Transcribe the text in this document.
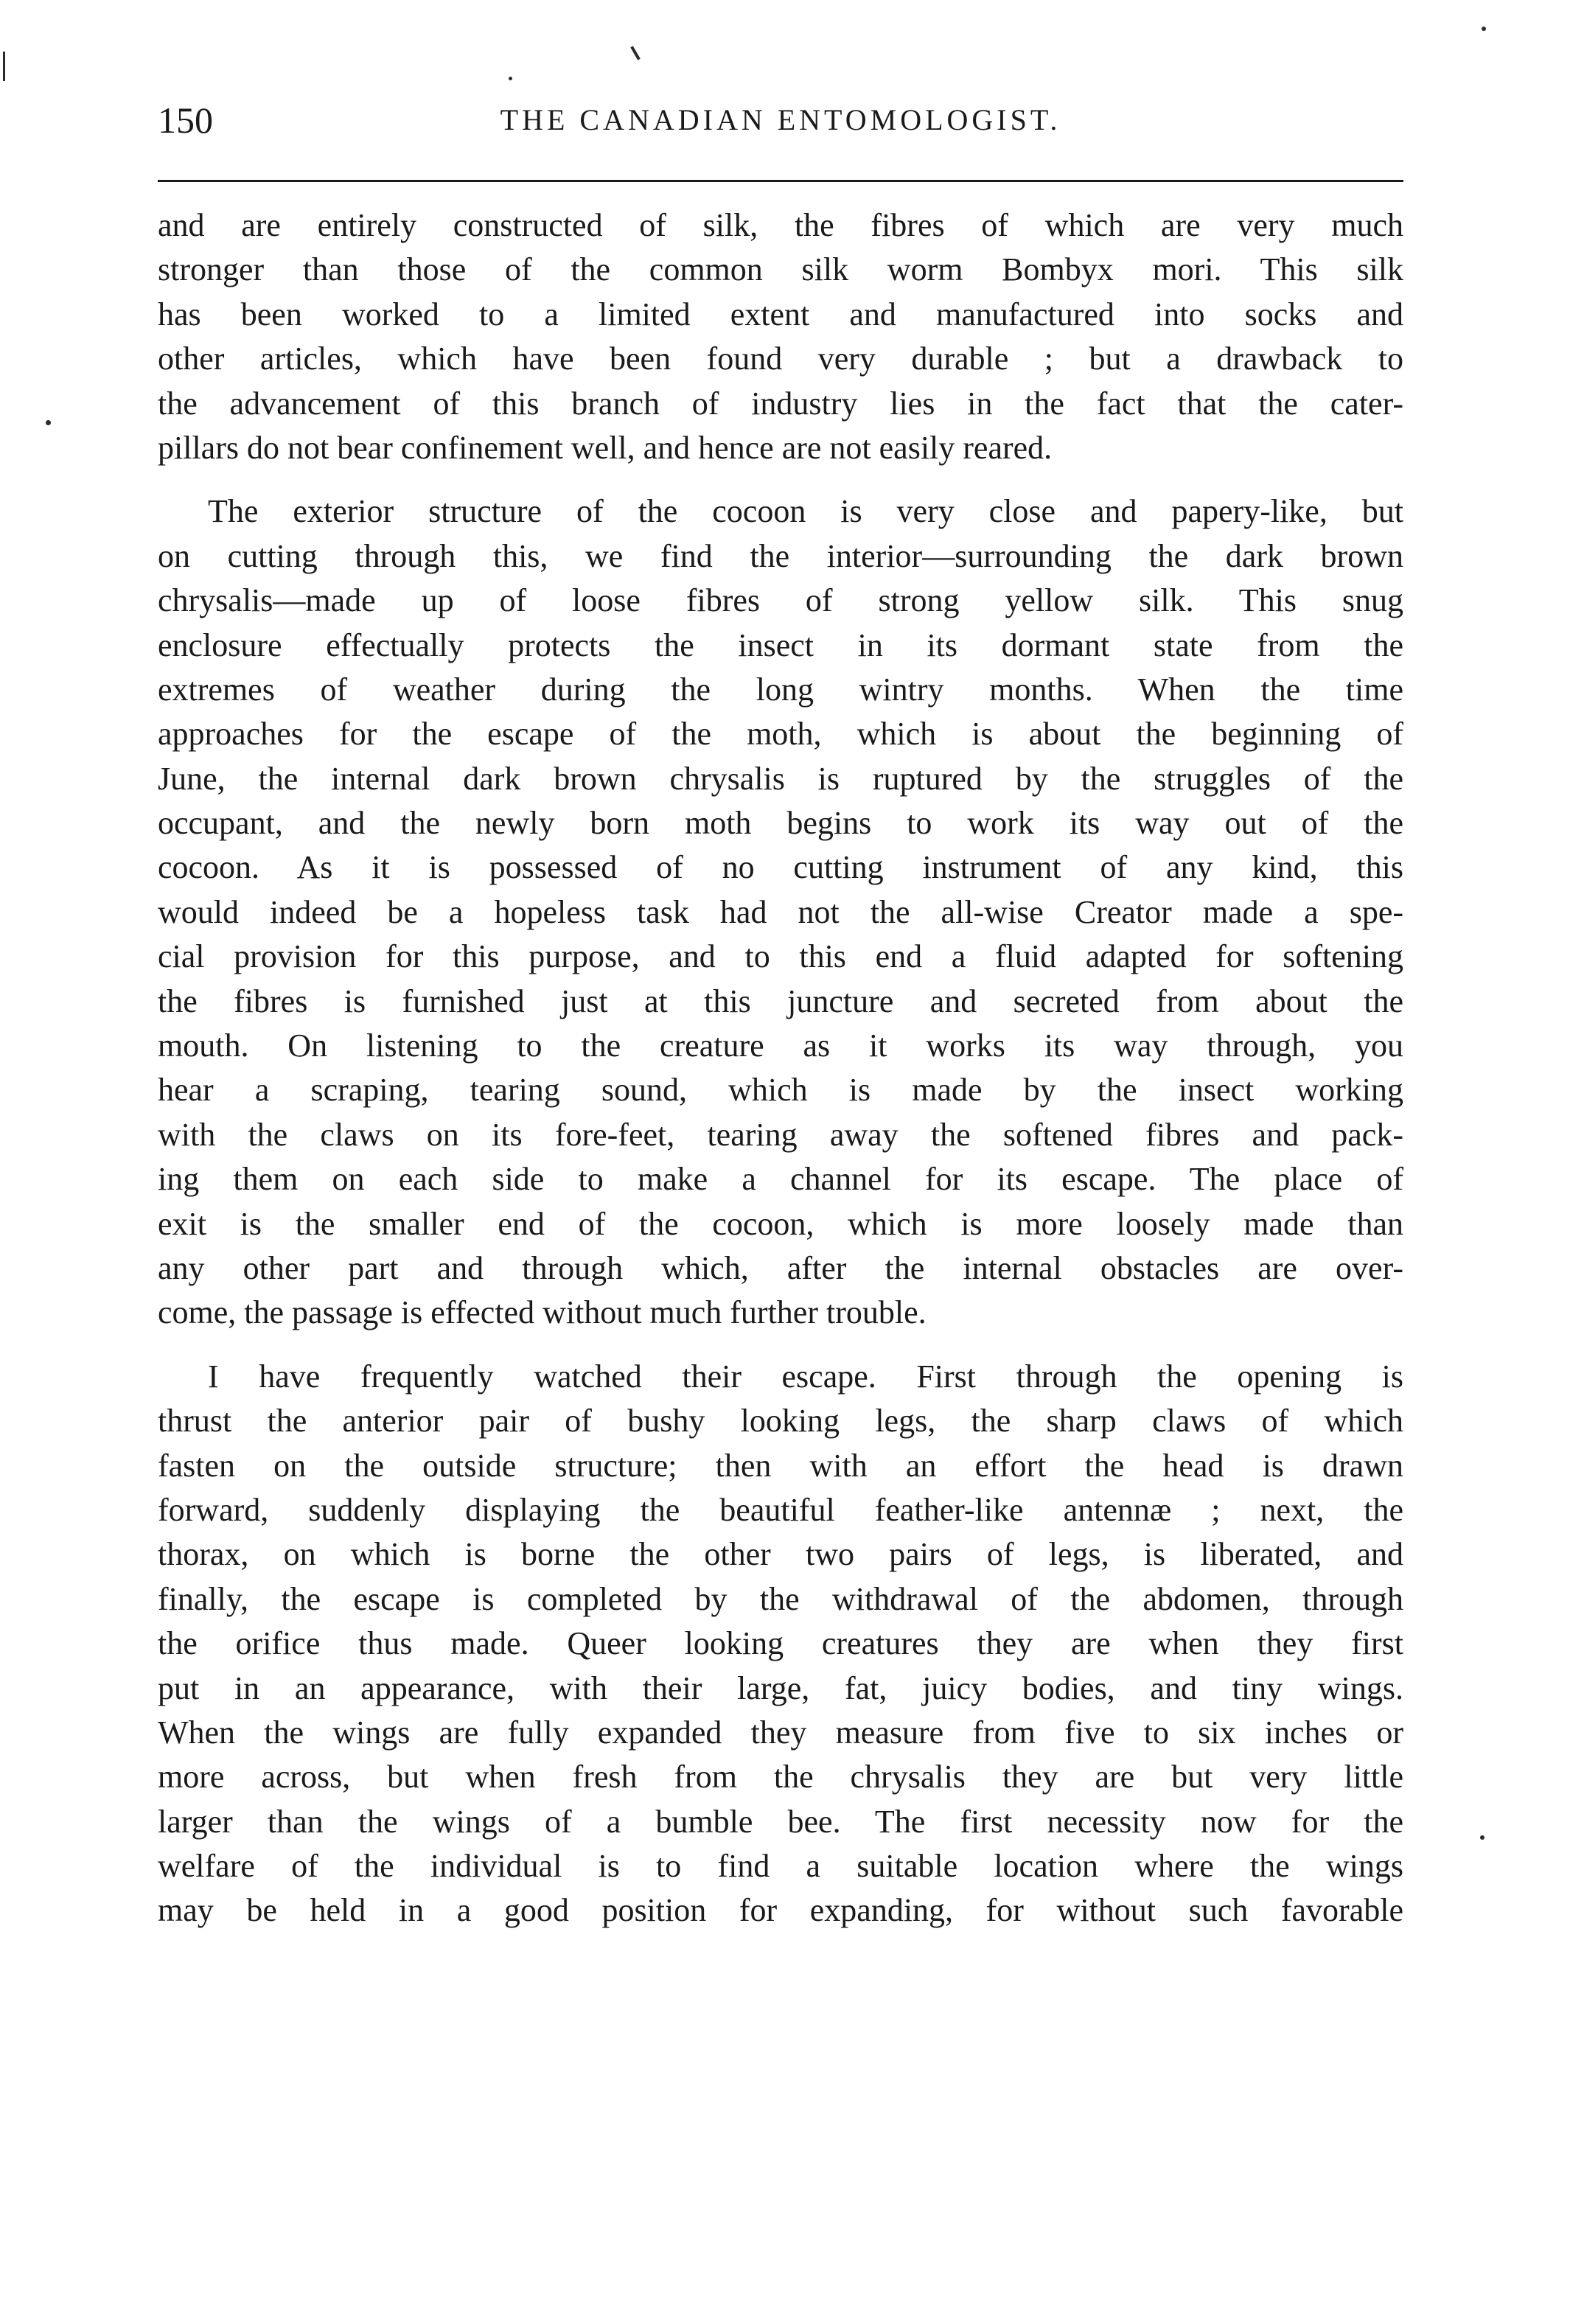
150	THE CANADIAN ENTOMOLOGIST.
and are entirely constructed of silk, the fibres of which are very much
stronger than those of the common silk worm Bombyx mori. This silk
has been worked to a limited extent and manufactured into socks and
other articles, which have been found very durable ; but a drawback to
the advancement of this branch of industry lies in the fact that the cater-
pillars do not bear confinement well, and hence are not easily reared.
The exterior structure of the cocoon is very close and papery-like, but
on cutting through this, we find the interior—surrounding the dark brown
chrysalis—made up of loose fibres of strong yellow silk. This snug
enclosure effectually protects the insect in its dormant state from the
extremes of weather during the long wintry months. When the time
approaches for the escape of the moth, which is about the beginning of
June, the internal dark brown chrysalis is ruptured by the struggles of the
occupant, and the newly born moth begins to work its way out of the
cocoon. As it is possessed of no cutting instrument of any kind, this
would indeed be a hopeless task had not the all-wise Creator made a spe-
cial provision for this purpose, and to this end a fluid adapted for softening
the fibres is furnished just at this juncture and secreted from about the
mouth. On listening to the creature as it works its way through, you
hear a scraping, tearing sound, which is made by the insect working
with the claws on its fore-feet, tearing away the softened fibres and pack-
ing them on each side to make a channel for its escape. The place of
exit is the smaller end of the cocoon, which is more loosely made than
any other part and through which, after the internal obstacles are over-
come, the passage is effected without much further trouble.
I have frequently watched their escape. First through the opening is
thrust the anterior pair of bushy looking legs, the sharp claws of which
fasten on the outside structure; then with an effort the head is drawn
forward, suddenly displaying the beautiful feather-like antennæ ; next, the
thorax, on which is borne the other two pairs of legs, is liberated, and
finally, the escape is completed by the withdrawal of the abdomen, through
the orifice thus made. Queer looking creatures they are when they first
put in an appearance, with their large, fat, juicy bodies, and tiny wings.
When the wings are fully expanded they measure from five to six inches or
more across, but when fresh from the chrysalis they are but very little
larger than the wings of a bumble bee. The first necessity now for the
welfare of the individual is to find a suitable location where the wings
may be held in a good position for expanding, for without such favorable
